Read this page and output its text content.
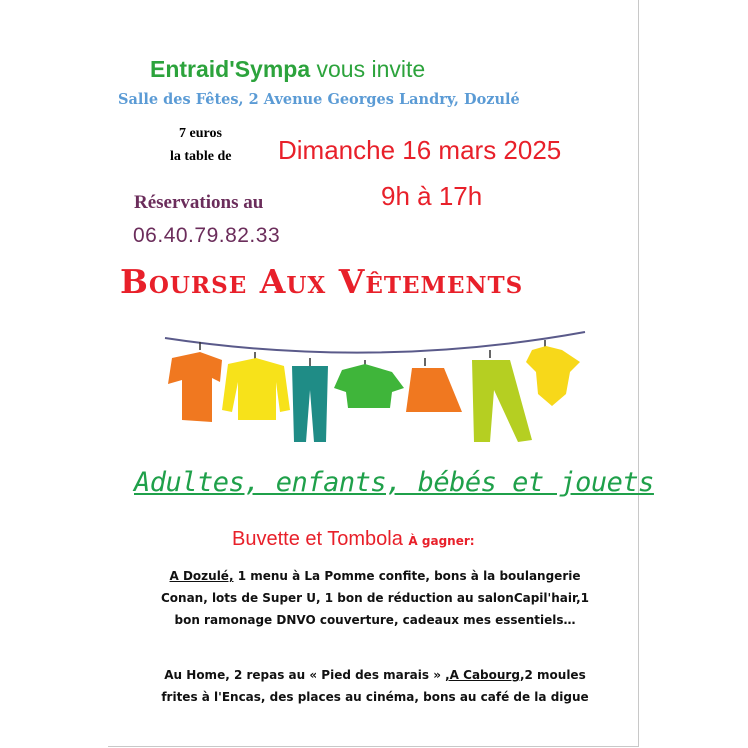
Entraid'Sympa vous invite
Salle des Fêtes, 2 Avenue Georges Landry, Dozulé
7 euros
la table de Dimanche 16 mars 2025
9h à 17h
Réservations au
06.40.79.82.33
Bourse Aux Vêtements
Adultes, enfants, bébés et jouets
Buvette et Tombola À gagner:
A Dozulé, 1 menu à La Pomme confite, bons à la boulangerie Conan, lots de Super U, 1 bon de réduction au salonCapil'hair,1 bon ramonage DNVO couverture, cadeaux mes essentiels…
Au Home, 2 repas au « Pied des marais » ,A Cabourg,2 moules frites à l'Encas, des places au cinéma, bons au café de la digue
